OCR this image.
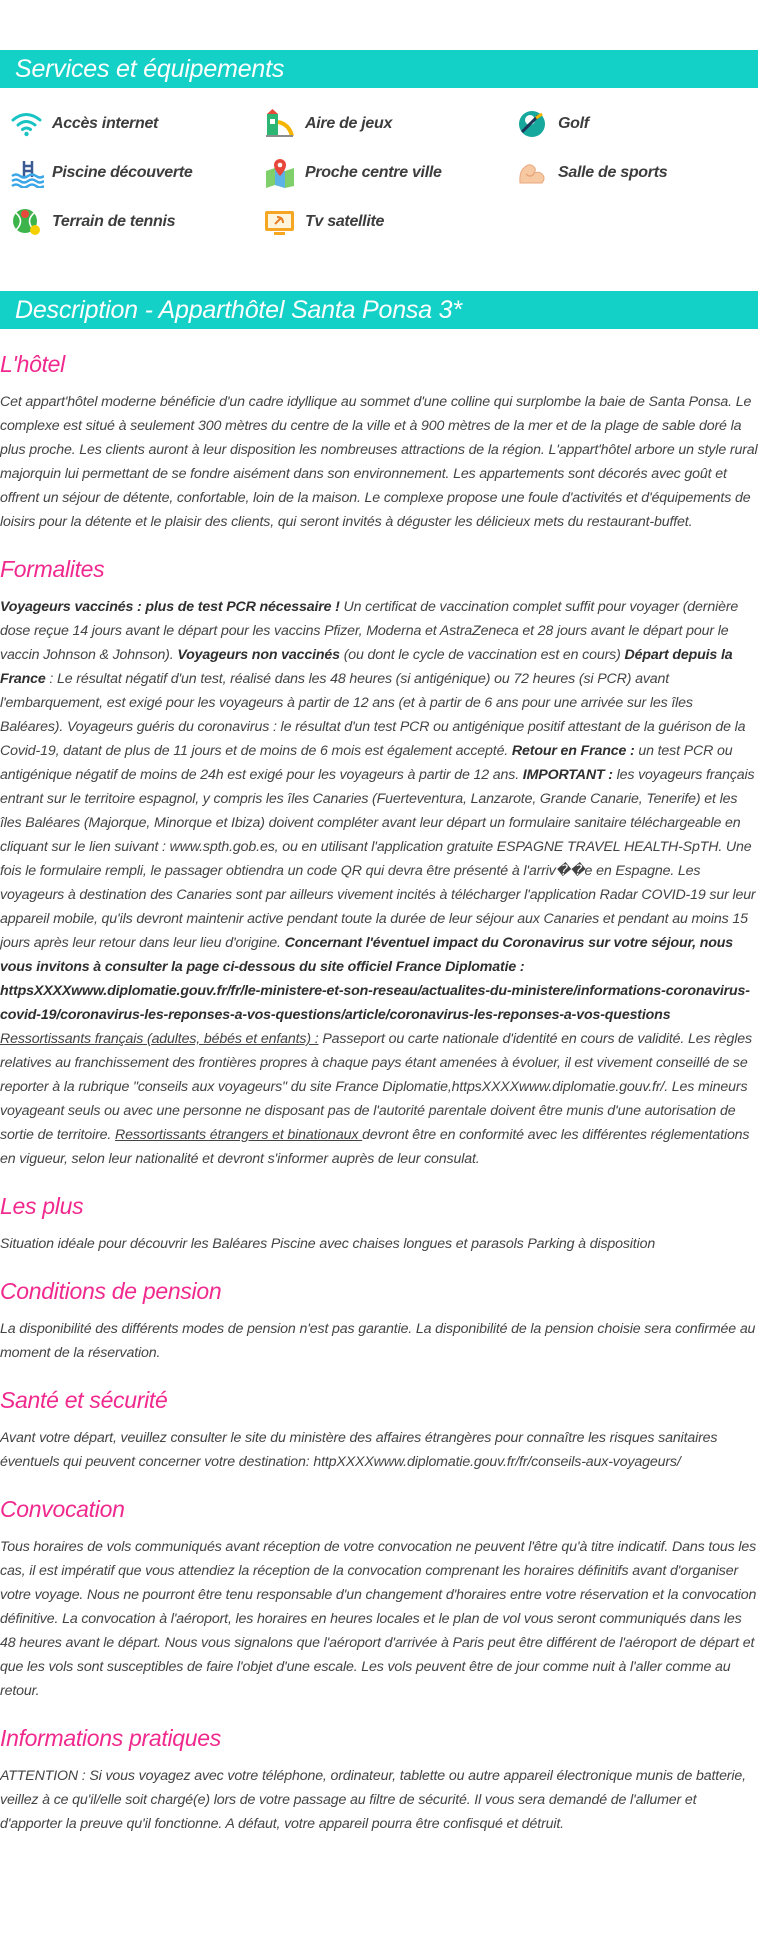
Services et équipements
Accès internet	Aire de jeux	Golf
Piscine découverte	Proche centre ville	Salle de sports
Terrain de tennis	Tv satellite
Description - Apparthôtel Santa Ponsa 3*
L'hôtel

Cet appart'hôtel moderne bénéficie d'un cadre idyllique au sommet d'une colline qui surplombe la baie de Santa Ponsa. Le complexe est situé à seulement 300 mètres du centre de la ville et à 900 mètres de la mer et de la plage de sable doré la plus proche. Les clients auront à leur disposition les nombreuses attractions de la région. L'appart'hôtel arbore un style rural majorquin lui permettant de se fondre aisément dans son environnement. Les appartements sont décorés avec goût et offrent un séjour de détente, confortable, loin de la maison. Le complexe propose une foule d'activités et d'équipements de loisirs pour la détente et le plaisir des clients, qui seront invités à déguster les délicieux mets du restaurant-buffet.

Formalites

Voyageurs vaccinés : plus de test PCR nécessaire ! Un certificat de vaccination complet suffit pour voyager (dernière dose reçue 14 jours avant le départ pour les vaccins Pfizer, Moderna et AstraZeneca et 28 jours avant le départ pour le vaccin Johnson & Johnson). Voyageurs non vaccinés (ou dont le cycle de vaccination est en cours) Départ depuis la France : Le résultat négatif d'un test, réalisé dans les 48 heures (si antigénique) ou 72 heures (si PCR) avant l'embarquement, est exigé pour les voyageurs à partir de 12 ans (et à partir de 6 ans pour une arrivée sur les îles Baléares). Voyageurs guéris du coronavirus : le résultat d'un test PCR ou antigénique positif attestant de la guérison de la Covid-19, datant de plus de 11 jours et de moins de 6 mois est également accepté. Retour en France : un test PCR ou antigénique négatif de moins de 24h est exigé pour les voyageurs à partir de 12 ans. IMPORTANT : les voyageurs français entrant sur le territoire espagnol, y compris les îles Canaries (Fuerteventura, Lanzarote, Grande Canarie, Tenerife) et les îles Baléares (Majorque, Minorque et Ibiza) doivent compléter avant leur départ un formulaire sanitaire téléchargeable en cliquant sur le lien suivant : www.spth.gob.es, ou en utilisant l'application gratuite ESPAGNE TRAVEL HEALTH-SpTH. Une fois le formulaire rempli, le passager obtiendra un code QR qui devra être présenté à l'arriv��e en Espagne. Les voyageurs à destination des Canaries sont par ailleurs vivement incités à télécharger l'application Radar COVID-19 sur leur appareil mobile, qu'ils devront maintenir active pendant toute la durée de leur séjour aux Canaries et pendant au moins 15 jours après leur retour dans leur lieu d'origine. Concernant l'éventuel impact du Coronavirus sur votre séjour, nous vous invitons à consulter la page ci-dessous du site officiel France Diplomatie : httpsXXXXwww.diplomatie.gouv.fr/fr/le-ministere-et-son-reseau/actualites-du-ministere/informations-coronavirus-covid-19/coronavirus-les-reponses-a-vos-questions/article/coronavirus-les-reponses-a-vos-questions Ressortissants français (adultes, bébés et enfants) : Passeport ou carte nationale d'identité en cours de validité. Les règles relatives au franchissement des frontières propres à chaque pays étant amenées à évoluer, il est vivement conseillé de se reporter à la rubrique "conseils aux voyageurs" du site France Diplomatie,httpsXXXXwww.diplomatie.gouv.fr/. Les mineurs voyageant seuls ou avec une personne ne disposant pas de l'autorité parentale doivent être munis d'une autorisation de sortie de territoire. Ressortissants étrangers et binationaux devront être en conformité avec les différentes réglementations en vigueur, selon leur nationalité et devront s'informer auprès de leur consulat.

Les plus

Situation idéale pour découvrir les Baléares Piscine avec chaises longues et parasols Parking à disposition

Conditions de pension

La disponibilité des différents modes de pension n'est pas garantie. La disponibilité de la pension choisie sera confirmée au moment de la réservation.

Santé et sécurité

Avant votre départ, veuillez consulter le site du ministère des affaires étrangères pour connaître les risques sanitaires éventuels qui peuvent concerner votre destination: httpXXXXwww.diplomatie.gouv.fr/fr/conseils-aux-voyageurs/

Convocation

Tous horaires de vols communiqués avant réception de votre convocation ne peuvent l'être qu'à titre indicatif. Dans tous les cas, il est impératif que vous attendiez la réception de la convocation comprenant les horaires définitifs avant d'organiser votre voyage. Nous ne pourront être tenu responsable d'un changement d'horaires entre votre réservation et la convocation définitive. La convocation à l'aéroport, les horaires en heures locales et le plan de vol vous seront communiqués dans les 48 heures avant le départ. Nous vous signalons que l'aéroport d'arrivée à Paris peut être différent de l'aéroport de départ et que les vols sont susceptibles de faire l'objet d'une escale. Les vols peuvent être de jour comme nuit à l'aller comme au retour.

Informations pratiques

ATTENTION : Si vous voyagez avec votre téléphone, ordinateur, tablette ou autre appareil électronique munis de batterie, veillez à ce qu'il/elle soit chargé(e) lors de votre passage au filtre de sécurité. Il vous sera demandé de l'allumer et d'apporter la preuve qu'il fonctionne. A défaut, votre appareil pourra être confisqué et détruit.
